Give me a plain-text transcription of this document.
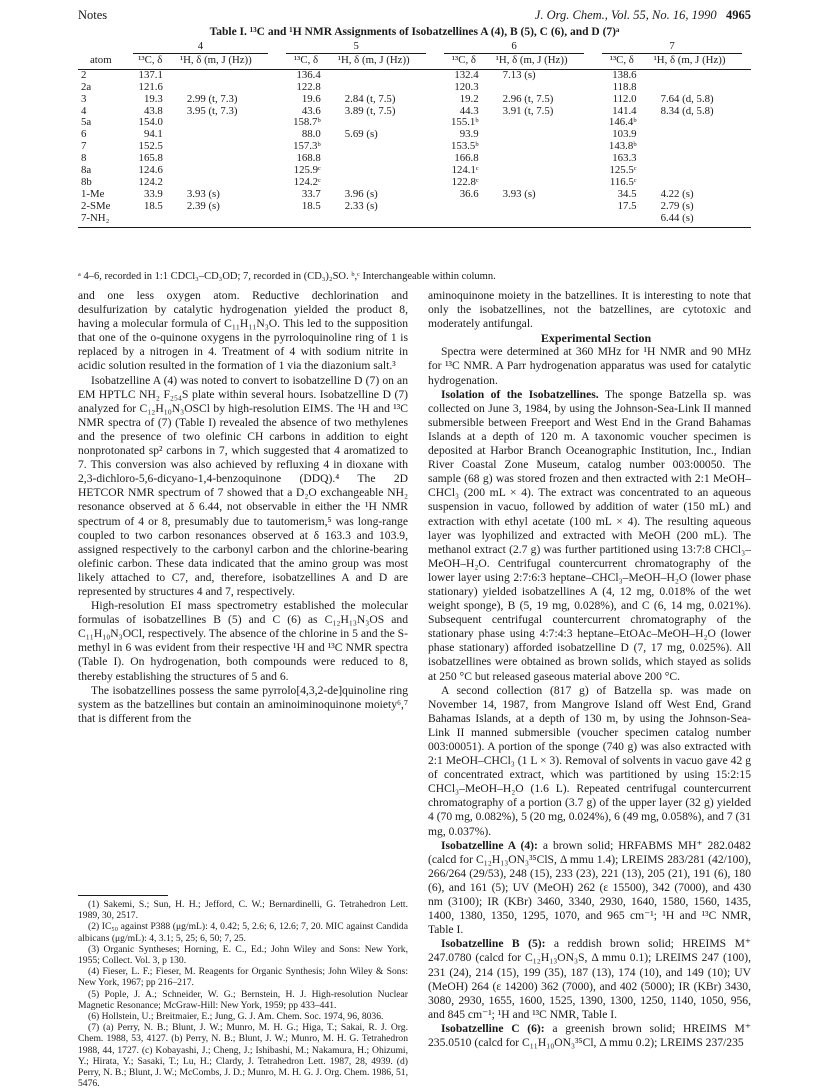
Notes	J. Org. Chem., Vol. 55, No. 16, 1990 4965
Table I. ¹³C and ¹H NMR Assignments of Isobatzellines A (4), B (5), C (6), and D (7)ᵃ

	4		5		6		7	

atom	¹³C, δ	¹H, δ (m, J (Hz))	¹³C, δ	¹H, δ (m, J (Hz))	¹³C, δ	¹H, δ (m, J (Hz))	¹³C, δ	¹H, δ (m, J (Hz))
2	137.1		136.4		132.4	7.13 (s)	138.6	
2a	121.6		122.8		120.3		118.8	
3	19.3	2.99 (t, 7.3)	19.6	2.84 (t, 7.5)	19.2	2.96 (t, 7.5)	112.0	7.64 (d, 5.8)
4	43.8	3.95 (t, 7.3)	43.6	3.89 (t, 7.5)	44.3	3.91 (t, 7.5)	141.4	8.34 (d, 5.8)
5a	154.0		158.7ᵇ		155.1ᵇ		146.4ᵇ	
6	94.1		88.0	5.69 (s)	93.9		103.9	
7	152.5		157.3ᵇ		153.5ᵇ		143.8ᵇ	
8	165.8		168.8		166.8		163.3	
8a	124.6		125.9ᶜ		124.1ᶜ		125.5ᶜ	
8b	124.2		124.2ᶜ		122.8ᶜ		116.5ᶜ	
1-Me	33.9	3.93 (s)	33.7	3.96 (s)	36.6	3.93 (s)	34.5	4.22 (s)
2-SMe	18.5	2.39 (s)	18.5	2.33 (s)			17.5	2.79 (s)
7-NH₂								6.44 (s)
ᵃ 4–6, recorded in 1:1 CDCl₃–CD₃OD; 7, recorded in (CD₃)₂SO. ᵇ,ᶜ Interchangeable within column.

and one less oxygen atom. Reductive dechlorination and desulfurization by catalytic hydrogenation yielded the product 8, having a molecular formula of C₁₁H₁₁N₃O. This led to the supposition that one of the o-quinone oxygens in the pyrroloquinoline ring of 1 is replaced by a nitrogen in 4. Treatment of 4 with sodium nitrite in acidic solution resulted in the formation of 1 via the diazonium salt.³

Isobatzelline A (4) was noted to convert to isobatzelline D (7) on an EM HPTLC NH₂ F₂₅₄S plate within several hours. Isobatzelline D (7) analyzed for C₁₂H₁₀N₃OSCl by high-resolution EIMS. The ¹H and ¹³C NMR spectra of (7) (Table I) revealed the absence of two methylenes and the presence of two olefinic CH carbons in addition to eight nonprotonated sp² carbons in 7, which suggested that 4 aromatized to 7. This conversion was also achieved by refluxing 4 in dioxane with 2,3-dichloro-5,6-dicyano-1,4-benzoquinone (DDQ).⁴ The 2D HETCOR NMR spectrum of 7 showed that a D₂O exchangeable NH₂ resonance observed at δ 6.44, not observable in either the ¹H NMR spectrum of 4 or 8, presumably due to tautomerism,⁵ was long-range coupled to two carbon resonances observed at δ 163.3 and 103.9, assigned respectively to the carbonyl carbon and the chlorine-bearing olefinic carbon. These data indicated that the amino group was most likely attached to C7, and, therefore, isobatzellines A and D are represented by structures 4 and 7, respectively.

High-resolution EI mass spectrometry established the molecular formulas of isobatzellines B (5) and C (6) as C₁₂H₁₃N₃OS and C₁₁H₁₀N₃OCl, respectively. The absence of the chlorine in 5 and the S-methyl in 6 was evident from their respective ¹H and ¹³C NMR spectra (Table I). On hydrogenation, both compounds were reduced to 8, thereby establishing the structures of 5 and 6.

The isobatzellines possess the same pyrrolo[4,3,2-de]quinoline ring system as the batzellines but contain an aminoiminoquinone moiety⁶,⁷ that is different from the

(1) Sakemi, S.; Sun, H. H.; Jefford, C. W.; Bernardinelli, G. Tetrahedron Lett. 1989, 30, 2517.

(2) IC₅₀ against P388 (μg/mL): 4, 0.42; 5, 2.6; 6, 12.6; 7, 20. MIC against Candida albicans (μg/mL): 4, 3.1; 5, 25; 6, 50; 7, 25.

(3) Organic Syntheses; Horning, E. C., Ed.; John Wiley and Sons: New York, 1955; Collect. Vol. 3, p 130.

(4) Fieser, L. F.; Fieser, M. Reagents for Organic Synthesis; John Wiley & Sons: New York, 1967; pp 216–217.

(5) Pople, J. A.; Schneider, W. G.; Bernstein, H. J. High-resolution Nuclear Magnetic Resonance; McGraw-Hill: New York, 1959; pp 433–441.

(6) Hollstein, U.; Breitmaier, E.; Jung, G. J. Am. Chem. Soc. 1974, 96, 8036.

(7) (a) Perry, N. B.; Blunt, J. W.; Munro, M. H. G.; Higa, T.; Sakai, R. J. Org. Chem. 1988, 53, 4127. (b) Perry, N. B.; Blunt, J. W.; Munro, M. H. G. Tetrahedron 1988, 44, 1727. (c) Kobayashi, J.; Cheng, J.; Ishibashi, M.; Nakamura, H.; Ohizumi, Y.; Hirata, Y.; Sasaki, T.; Lu, H.; Clardy, J. Tetrahedron Lett. 1987, 28, 4939. (d) Perry, N. B.; Blunt, J. W.; McCombs, J. D.; Munro, M. H. G. J. Org. Chem. 1986, 51, 5476.

aminoquinone moiety in the batzellines. It is interesting to note that only the isobatzellines, not the batzellines, are cytotoxic and moderately antifungal.

Experimental Section

Spectra were determined at 360 MHz for ¹H NMR and 90 MHz for ¹³C NMR. A Parr hydrogenation apparatus was used for catalytic hydrogenation.

Isolation of the Isobatzellines. The sponge Batzella sp. was collected on June 3, 1984, by using the Johnson-Sea-Link II manned submersible between Freeport and West End in the Grand Bahamas Islands at a depth of 120 m. A taxonomic voucher specimen is deposited at Harbor Branch Oceanographic Institution, Inc., Indian River Coastal Zone Museum, catalog number 003:00050. The sample (68 g) was stored frozen and then extracted with 2:1 MeOH–CHCl₃ (200 mL × 4). The extract was concentrated to an aqueous suspension in vacuo, followed by addition of water (150 mL) and extraction with ethyl acetate (100 mL × 4). The resulting aqueous layer was lyophilized and extracted with MeOH (200 mL). The methanol extract (2.7 g) was further partitioned using 13:7:8 CHCl₃–MeOH–H₂O. Centrifugal countercurrent chromatography of the lower layer using 2:7:6:3 heptane–CHCl₃–MeOH–H₂O (lower phase stationary) yielded isobatzellines A (4, 12 mg, 0.018% of the wet weight sponge), B (5, 19 mg, 0.028%), and C (6, 14 mg, 0.021%). Subsequent centrifugal countercurrent chromatography of the stationary phase using 4:7:4:3 heptane–EtOAc–MeOH–H₂O (lower phase stationary) afforded isobatzelline D (7, 17 mg, 0.025%). All isobatzellines were obtained as brown solids, which stayed as solids at 250 °C but released gaseous material above 200 °C.

A second collection (817 g) of Batzella sp. was made on November 14, 1987, from Mangrove Island off West End, Grand Bahamas Islands, at a depth of 130 m, by using the Johnson-Sea-Link II manned submersible (voucher specimen catalog number 003:00051). A portion of the sponge (740 g) was also extracted with 2:1 MeOH–CHCl₃ (1 L × 3). Removal of solvents in vacuo gave 42 g of concentrated extract, which was partitioned by using 15:2:15 CHCl₃–MeOH–H₂O (1.6 L). Repeated centrifugal countercurrent chromatography of a portion (3.7 g) of the upper layer (32 g) yielded 4 (70 mg, 0.082%), 5 (20 mg, 0.024%), 6 (49 mg, 0.058%), and 7 (31 mg, 0.037%).

Isobatzelline A (4): a brown solid; HRFABMS MH⁺ 282.0482 (calcd for C₁₂H₁₃ON₃³⁵ClS, Δ mmu 1.4); LREIMS 283/281 (42/100), 266/264 (29/53), 248 (15), 233 (23), 221 (13), 205 (21), 191 (6), 180 (6), and 161 (5); UV (MeOH) 262 (ε 15500), 342 (7000), and 430 nm (3100); IR (KBr) 3460, 3340, 2930, 1640, 1580, 1560, 1435, 1400, 1380, 1350, 1295, 1070, and 965 cm⁻¹; ¹H and ¹³C NMR, Table I.

Isobatzelline B (5): a reddish brown solid; HREIMS M⁺ 247.0780 (calcd for C₁₂H₁₃ON₃S, Δ mmu 0.1); LREIMS 247 (100), 231 (24), 214 (15), 199 (35), 187 (13), 174 (10), and 149 (10); UV (MeOH) 264 (ε 14200) 362 (7000), and 402 (5000); IR (KBr) 3430, 3080, 2930, 1655, 1600, 1525, 1390, 1300, 1250, 1140, 1050, 956, and 845 cm⁻¹; ¹H and ¹³C NMR, Table I.

Isobatzelline C (6): a greenish brown solid; HREIMS M⁺ 235.0510 (calcd for C₁₁H₁₀ON₃³⁵Cl, Δ mmu 0.2); LREIMS 237/235
